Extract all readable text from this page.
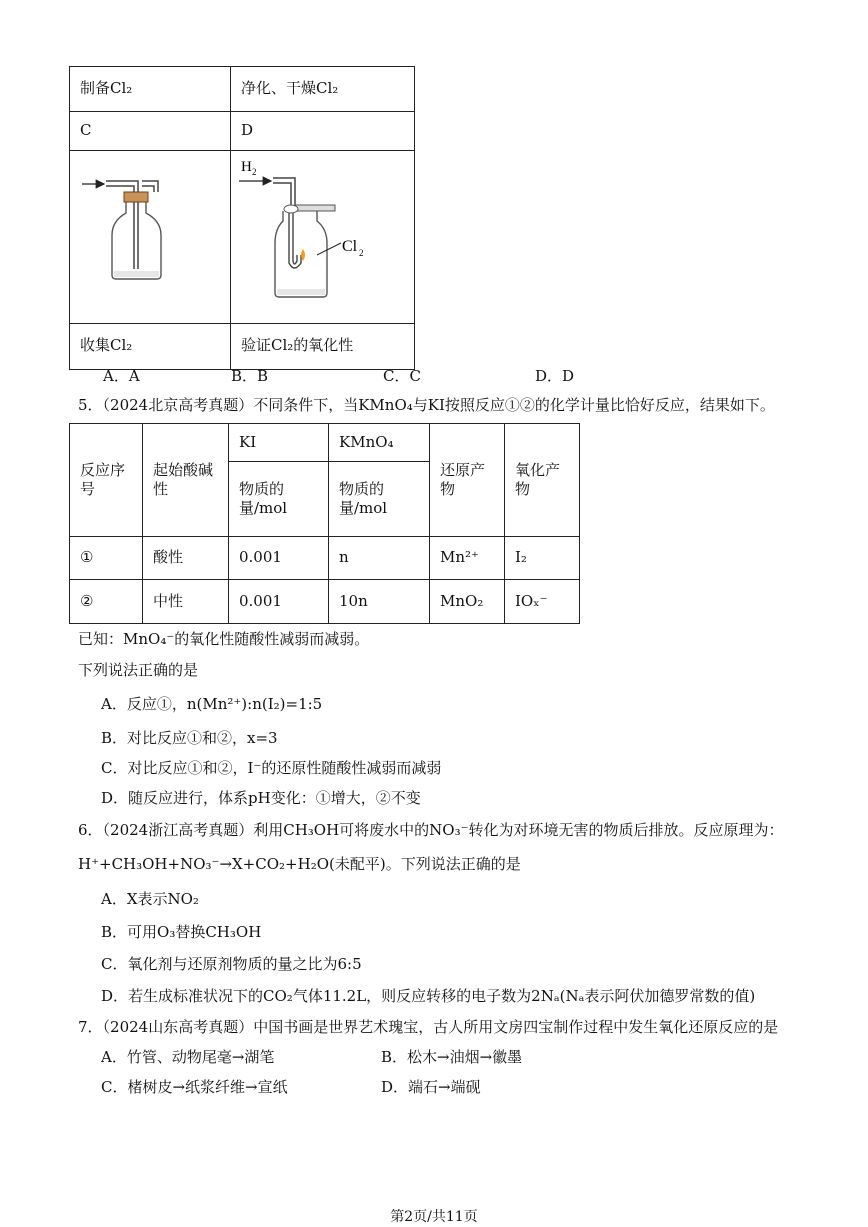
制备Cl₂	净化、干燥Cl₂
C	D

H 2
Cl 2

收集Cl₂	验证Cl₂的氧化性
A．A	B．B	C．C	D．D
5．（2024北京高考真题）不同条件下，当KMnO₄与KI按照反应①②的化学计量比恰好反应，结果如下。
反应序号	起始酸碱性	KI	KMnO₄	还原产物	氧化产物
		物质的量/mol	物质的量/mol		
①	酸性	0.001	n	Mn²⁺	I₂
②	中性	0.001	10n	MnO₂	IOₓ⁻
已知：MnO₄⁻的氧化性随酸性减弱而减弱。
下列说法正确的是
A．反应①，n(Mn²⁺):n(I₂)=1:5
B．对比反应①和②，x=3
C．对比反应①和②，I⁻的还原性随酸性减弱而减弱
D．随反应进行，体系pH变化：①增大，②不变
6．（2024浙江高考真题）利用CH₃OH可将废水中的NO₃⁻转化为对环境无害的物质后排放。反应原理为：
H⁺+CH₃OH+NO₃⁻→X+CO₂+H₂O(未配平)。下列说法正确的是
A．X表示NO₂
B．可用O₃替换CH₃OH
C．氧化剂与还原剂物质的量之比为6:5
D．若生成标准状况下的CO₂气体11.2L，则反应转移的电子数为2Nₐ(Nₐ表示阿伏加德罗常数的值)
7．（2024山东高考真题）中国书画是世界艺术瑰宝，古人所用文房四宝制作过程中发生氧化还原反应的是
A．竹管、动物尾毫→湖笔	B．松木→油烟→徽墨
C．楮树皮→纸浆纤维→宣纸	D．端石→端砚
第2页/共11页
